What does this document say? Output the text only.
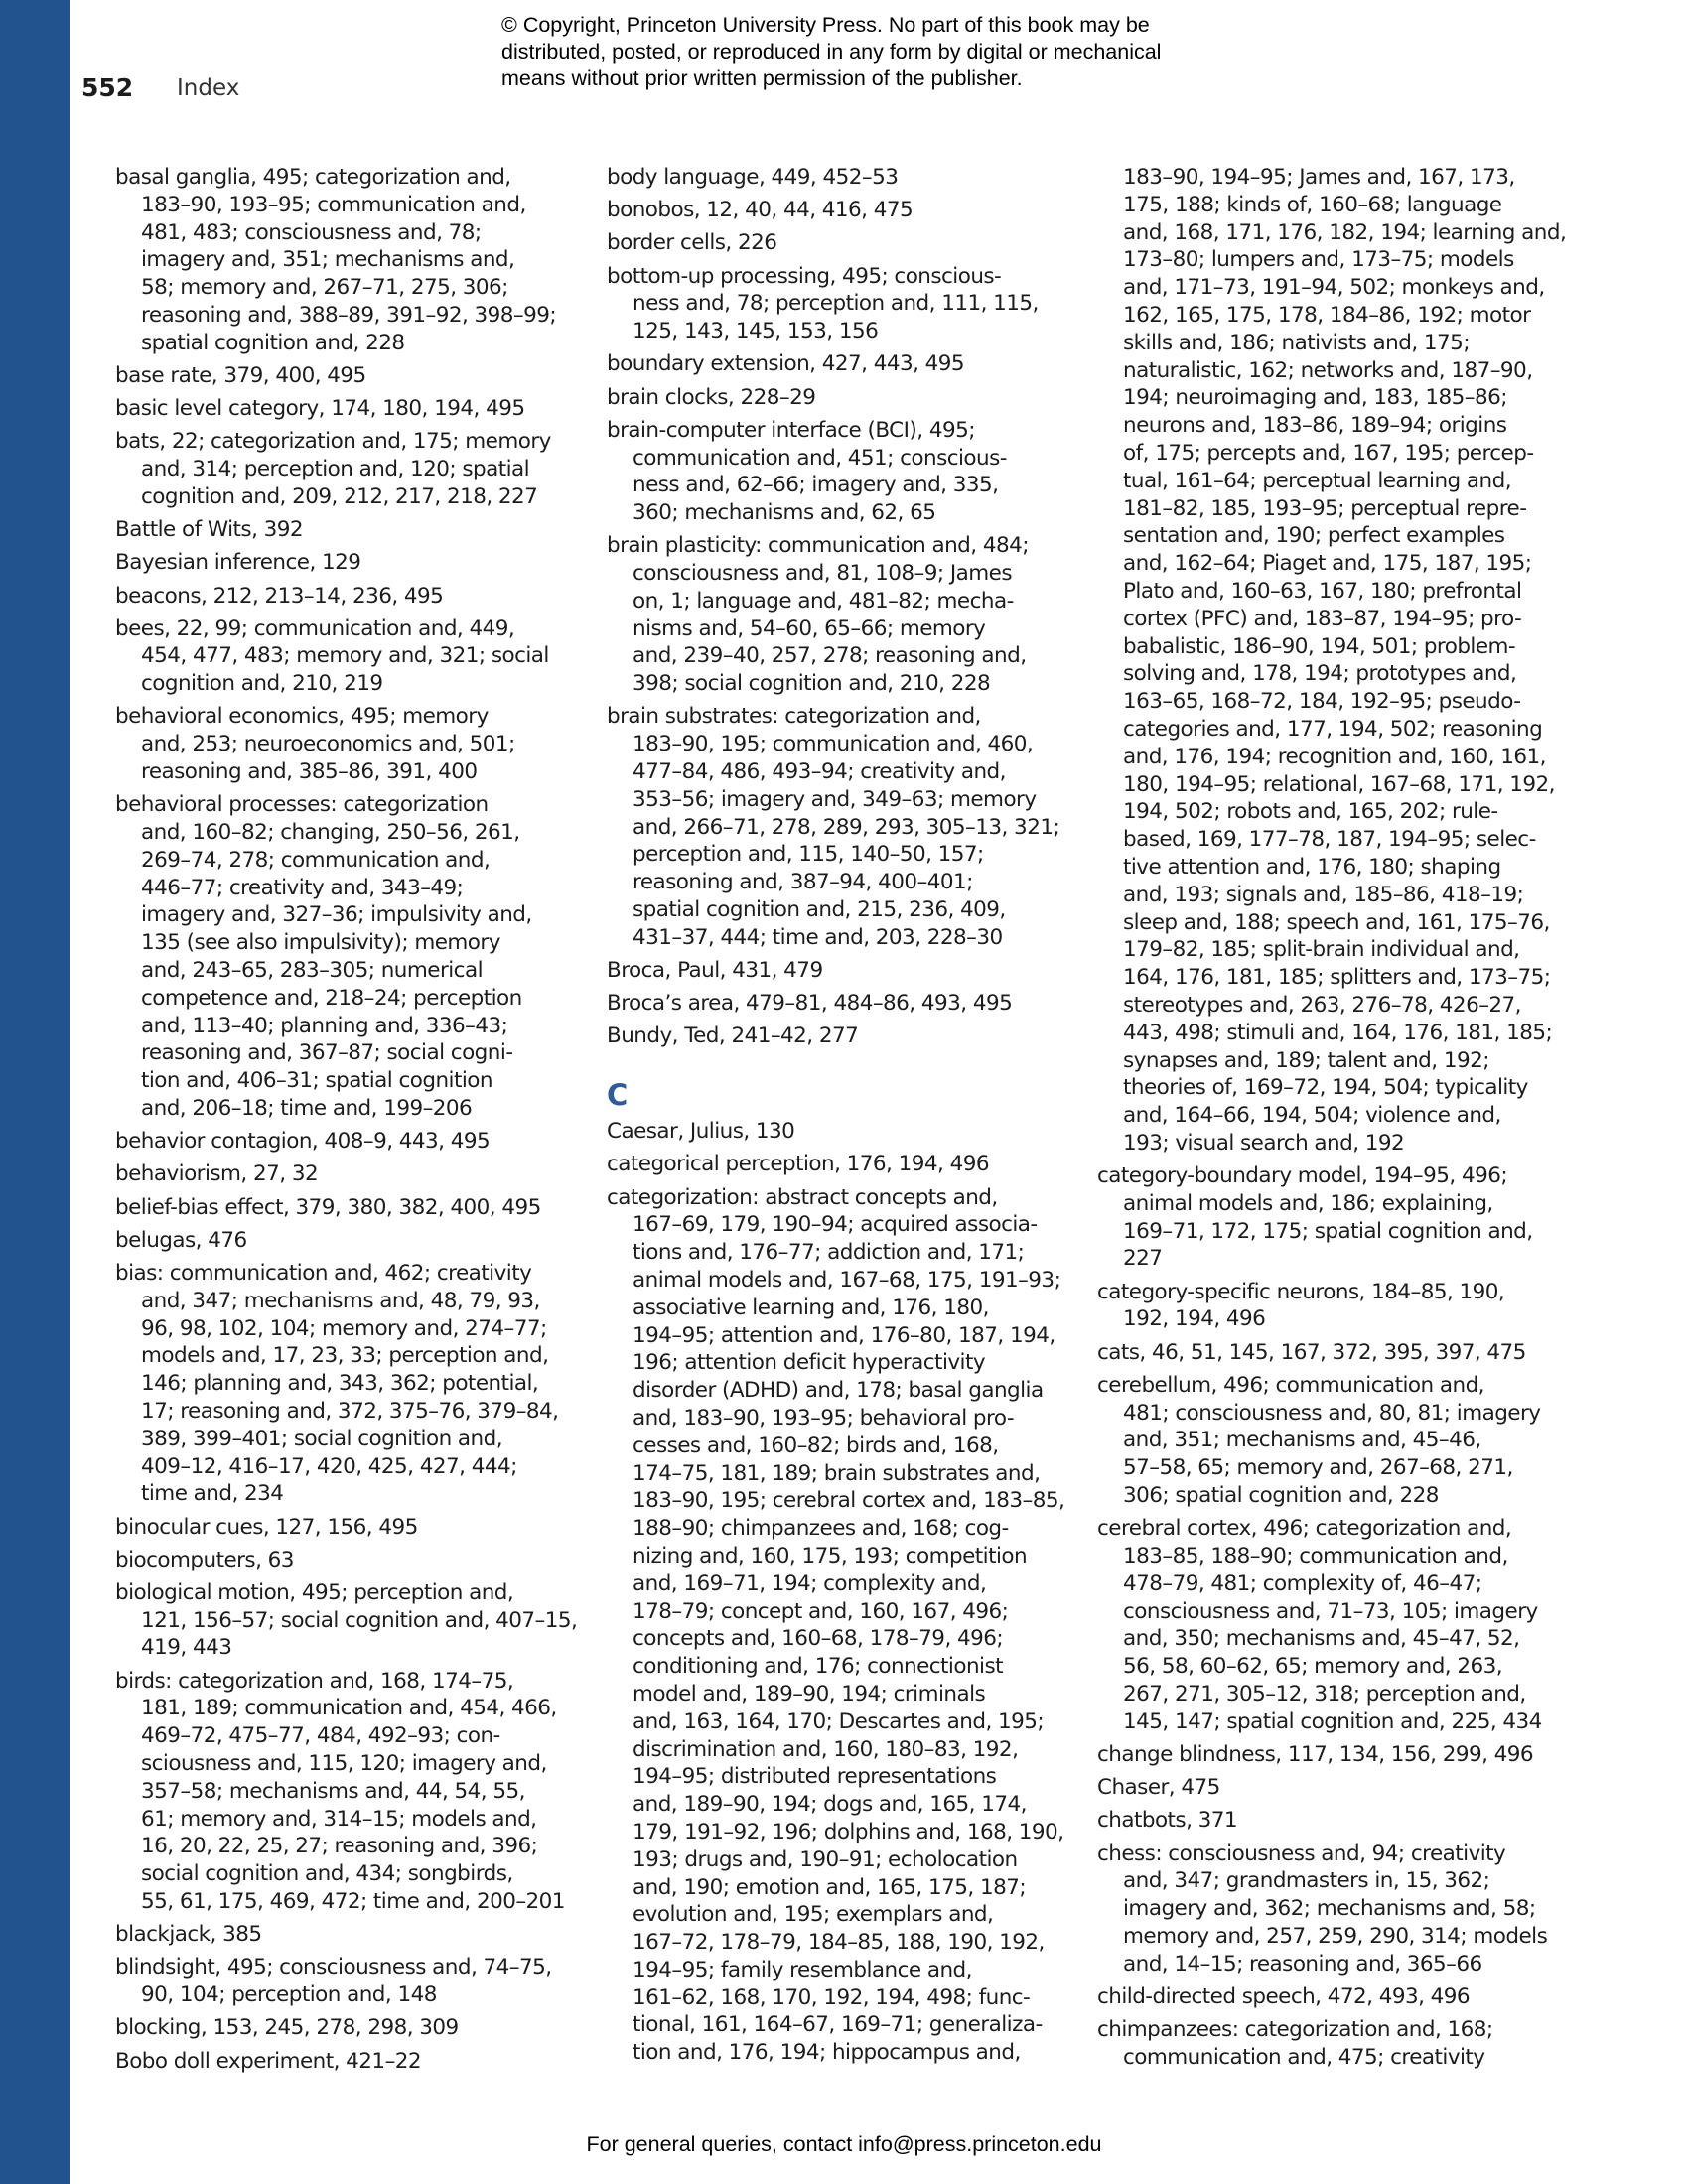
© Copyright, Princeton University Press. No part of this book may be
distributed, posted, or reproduced in any form by digital or mechanical
means without prior written permission of the publisher.
552 Index
basal ganglia, 495; categorization and,
183–90, 193–95; communication and,
481, 483; consciousness and, 78;
imagery and, 351; mechanisms and,
58; memory and, 267–71, 275, 306;
reasoning and, 388–89, 391–92, 398–99;
spatial cognition and, 228
base rate, 379, 400, 495
basic level category, 174, 180, 194, 495
bats, 22; categorization and, 175; memory
and, 314; perception and, 120; spatial
cognition and, 209, 212, 217, 218, 227
Battle of Wits, 392
Bayesian inference, 129
beacons, 212, 213–14, 236, 495
bees, 22, 99; communication and, 449,
454, 477, 483; memory and, 321; social
cognition and, 210, 219
behavioral economics, 495; memory
and, 253; neuroeconomics and, 501;
reasoning and, 385–86, 391, 400
behavioral processes: categorization
and, 160–82; changing, 250–56, 261,
269–74, 278; communication and,
446–77; creativity and, 343–49;
imagery and, 327–36; impulsivity and,
135 (see also impulsivity); memory
and, 243–65, 283–305; numerical
competence and, 218–24; perception
and, 113–40; planning and, 336–43;
reasoning and, 367–87; social cogni-
tion and, 406–31; spatial cognition
and, 206–18; time and, 199–206
behavior contagion, 408–9, 443, 495
behaviorism, 27, 32
belief-bias effect, 379, 380, 382, 400, 495
belugas, 476
bias: communication and, 462; creativity
and, 347; mechanisms and, 48, 79, 93,
96, 98, 102, 104; memory and, 274–77;
models and, 17, 23, 33; perception and,
146; planning and, 343, 362; potential,
17; reasoning and, 372, 375–76, 379–84,
389, 399–401; social cognition and,
409–12, 416–17, 420, 425, 427, 444;
time and, 234
binocular cues, 127, 156, 495
biocomputers, 63
biological motion, 495; perception and,
121, 156–57; social cognition and, 407–15,
419, 443
birds: categorization and, 168, 174–75,
181, 189; communication and, 454, 466,
469–72, 475–77, 484, 492–93; con-
sciousness and, 115, 120; imagery and,
357–58; mechanisms and, 44, 54, 55,
61; memory and, 314–15; models and,
16, 20, 22, 25, 27; reasoning and, 396;
social cognition and, 434; songbirds,
55, 61, 175, 469, 472; time and, 200–201
blackjack, 385
blindsight, 495; consciousness and, 74–75,
90, 104; perception and, 148
blocking, 153, 245, 278, 298, 309
Bobo doll experiment, 421–22
body language, 449, 452–53
bonobos, 12, 40, 44, 416, 475
border cells, 226
bottom-up processing, 495; conscious-
ness and, 78; perception and, 111, 115,
125, 143, 145, 153, 156
boundary extension, 427, 443, 495
brain clocks, 228–29
brain-computer interface (BCI), 495;
communication and, 451; conscious-
ness and, 62–66; imagery and, 335,
360; mechanisms and, 62, 65
brain plasticity: communication and, 484;
consciousness and, 81, 108–9; James
on, 1; language and, 481–82; mecha-
nisms and, 54–60, 65–66; memory
and, 239–40, 257, 278; reasoning and,
398; social cognition and, 210, 228
brain substrates: categorization and,
183–90, 195; communication and, 460,
477–84, 486, 493–94; creativity and,
353–56; imagery and, 349–63; memory
and, 266–71, 278, 289, 293, 305–13, 321;
perception and, 115, 140–50, 157;
reasoning and, 387–94, 400–401;
spatial cognition and, 215, 236, 409,
431–37, 444; time and, 203, 228–30
Broca, Paul, 431, 479
Broca’s area, 479–81, 484–86, 493, 495
Bundy, Ted, 241–42, 277
C
Caesar, Julius, 130
categorical perception, 176, 194, 496
categorization: abstract concepts and,
167–69, 179, 190–94; acquired associa-
tions and, 176–77; addiction and, 171;
animal models and, 167–68, 175, 191–93;
associative learning and, 176, 180,
194–95; attention and, 176–80, 187, 194,
196; attention deficit hyperactivity
disorder (ADHD) and, 178; basal ganglia
and, 183–90, 193–95; behavioral pro-
cesses and, 160–82; birds and, 168,
174–75, 181, 189; brain substrates and,
183–90, 195; cerebral cortex and, 183–85,
188–90; chimpanzees and, 168; cog-
nizing and, 160, 175, 193; competition
and, 169–71, 194; complexity and,
178–79; concept and, 160, 167, 496;
concepts and, 160–68, 178–79, 496;
conditioning and, 176; connectionist
model and, 189–90, 194; criminals
and, 163, 164, 170; Descartes and, 195;
discrimination and, 160, 180–83, 192,
194–95; distributed representations
and, 189–90, 194; dogs and, 165, 174,
179, 191–92, 196; dolphins and, 168, 190,
193; drugs and, 190–91; echolocation
and, 190; emotion and, 165, 175, 187;
evolution and, 195; exemplars and,
167–72, 178–79, 184–85, 188, 190, 192,
194–95; family resemblance and,
161–62, 168, 170, 192, 194, 498; func-
tional, 161, 164–67, 169–71; generaliza-
tion and, 176, 194; hippocampus and,
183–90, 194–95; James and, 167, 173,
175, 188; kinds of, 160–68; language
and, 168, 171, 176, 182, 194; learning and,
173–80; lumpers and, 173–75; models
and, 171–73, 191–94, 502; monkeys and,
162, 165, 175, 178, 184–86, 192; motor
skills and, 186; nativists and, 175;
naturalistic, 162; networks and, 187–90,
194; neuroimaging and, 183, 185–86;
neurons and, 183–86, 189–94; origins
of, 175; percepts and, 167, 195; percep-
tual, 161–64; perceptual learning and,
181–82, 185, 193–95; perceptual repre-
sentation and, 190; perfect examples
and, 162–64; Piaget and, 175, 187, 195;
Plato and, 160–63, 167, 180; prefrontal
cortex (PFC) and, 183–87, 194–95; pro-
babalistic, 186–90, 194, 501; problem-
solving and, 178, 194; prototypes and,
163–65, 168–72, 184, 192–95; pseudo-
categories and, 177, 194, 502; reasoning
and, 176, 194; recognition and, 160, 161,
180, 194–95; relational, 167–68, 171, 192,
194, 502; robots and, 165, 202; rule-
based, 169, 177–78, 187, 194–95; selec-
tive attention and, 176, 180; shaping
and, 193; signals and, 185–86, 418–19;
sleep and, 188; speech and, 161, 175–76,
179–82, 185; split-brain individual and,
164, 176, 181, 185; splitters and, 173–75;
stereotypes and, 263, 276–78, 426–27,
443, 498; stimuli and, 164, 176, 181, 185;
synapses and, 189; talent and, 192;
theories of, 169–72, 194, 504; typicality
and, 164–66, 194, 504; violence and,
193; visual search and, 192
category-boundary model, 194–95, 496;
animal models and, 186; explaining,
169–71, 172, 175; spatial cognition and,
227
category-specific neurons, 184–85, 190,
192, 194, 496
cats, 46, 51, 145, 167, 372, 395, 397, 475
cerebellum, 496; communication and,
481; consciousness and, 80, 81; imagery
and, 351; mechanisms and, 45–46,
57–58, 65; memory and, 267–68, 271,
306; spatial cognition and, 228
cerebral cortex, 496; categorization and,
183–85, 188–90; communication and,
478–79, 481; complexity of, 46–47;
consciousness and, 71–73, 105; imagery
and, 350; mechanisms and, 45–47, 52,
56, 58, 60–62, 65; memory and, 263,
267, 271, 305–12, 318; perception and,
145, 147; spatial cognition and, 225, 434
change blindness, 117, 134, 156, 299, 496
Chaser, 475
chatbots, 371
chess: consciousness and, 94; creativity
and, 347; grandmasters in, 15, 362;
imagery and, 362; mechanisms and, 58;
memory and, 257, 259, 290, 314; models
and, 14–15; reasoning and, 365–66
child-directed speech, 472, 493, 496
chimpanzees: categorization and, 168;
communication and, 475; creativity
For general queries, contact info@press.princeton.edu
